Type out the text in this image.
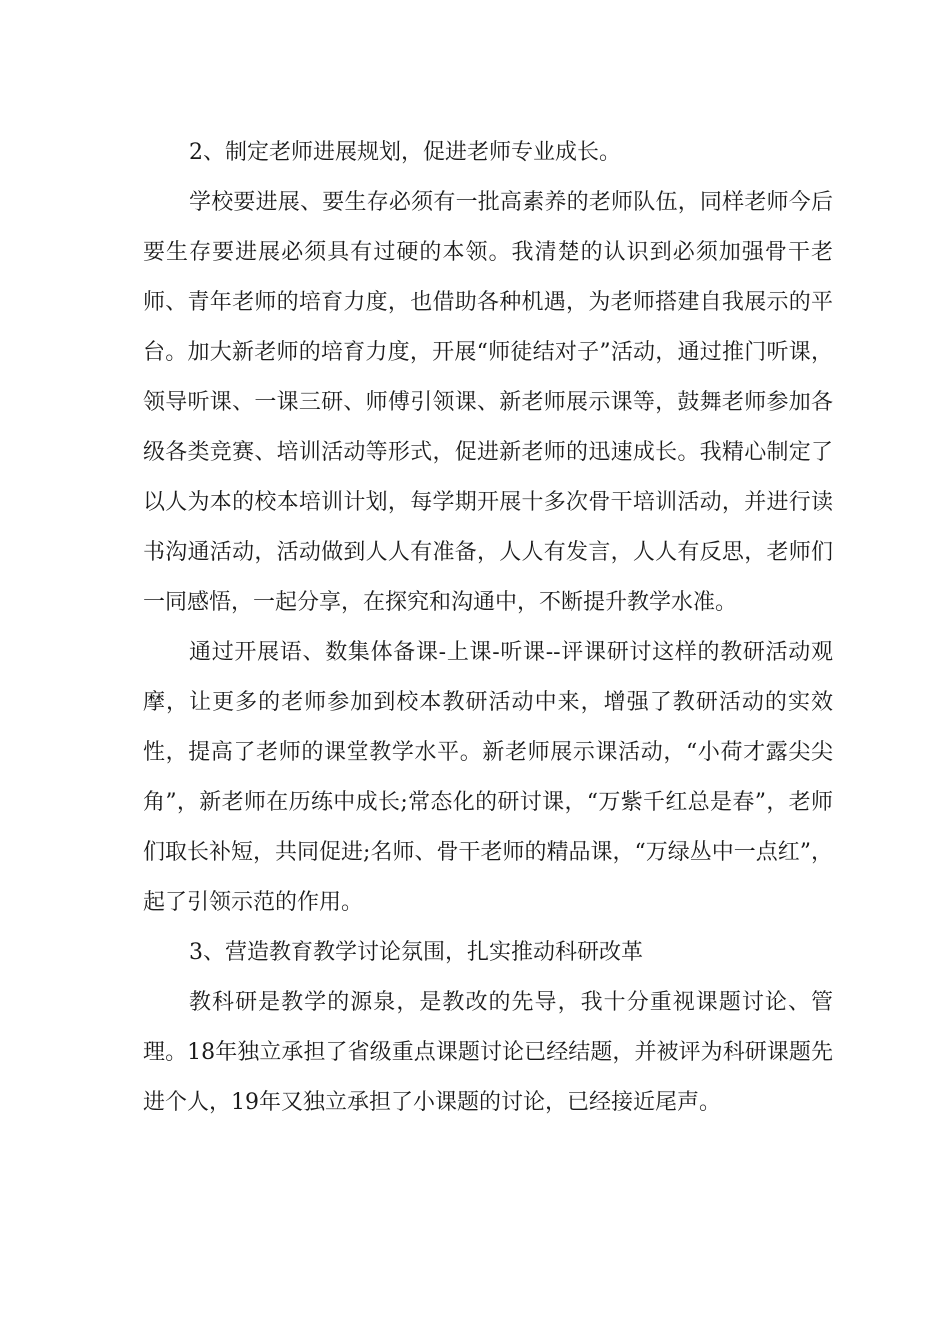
2、制定老师进展规划，促进老师专业成长。

学校要进展、要生存必须有一批高素养的老师队伍，同样老师今后要生存要进展必须具有过硬的本领。我清楚的认识到必须加强骨干老师、青年老师的培育力度，也借助各种机遇，为老师搭建自我展示的平台。加大新老师的培育力度，开展“师徒结对子”活动，通过推门听课，领导听课、一课三研、师傅引领课、新老师展示课等，鼓舞老师参加各级各类竞赛、培训活动等形式，促进新老师的迅速成长。我精心制定了以人为本的校本培训计划，每学期开展十多次骨干培训活动，并进行读书沟通活动，活动做到人人有准备，人人有发言，人人有反思，老师们一同感悟，一起分享，在探究和沟通中，不断提升教学水准。

通过开展语、数集体备课-上课-听课--评课研讨这样的教研活动观摩，让更多的老师参加到校本教研活动中来，增强了教研活动的实效性，提高了老师的课堂教学水平。新老师展示课活动，“小荷才露尖尖角”，新老师在历练中成长;常态化的研讨课，“万紫千红总是春”，老师们取长补短，共同促进;名师、骨干老师的精品课，“万绿丛中一点红”，起了引领示范的作用。

3、营造教育教学讨论氛围，扎实推动科研改革

教科研是教学的源泉，是教改的先导，我十分重视课题讨论、管理。18年独立承担了省级重点课题讨论已经结题，并被评为科研课题先进个人，19年又独立承担了小课题的讨论，已经接近尾声。
